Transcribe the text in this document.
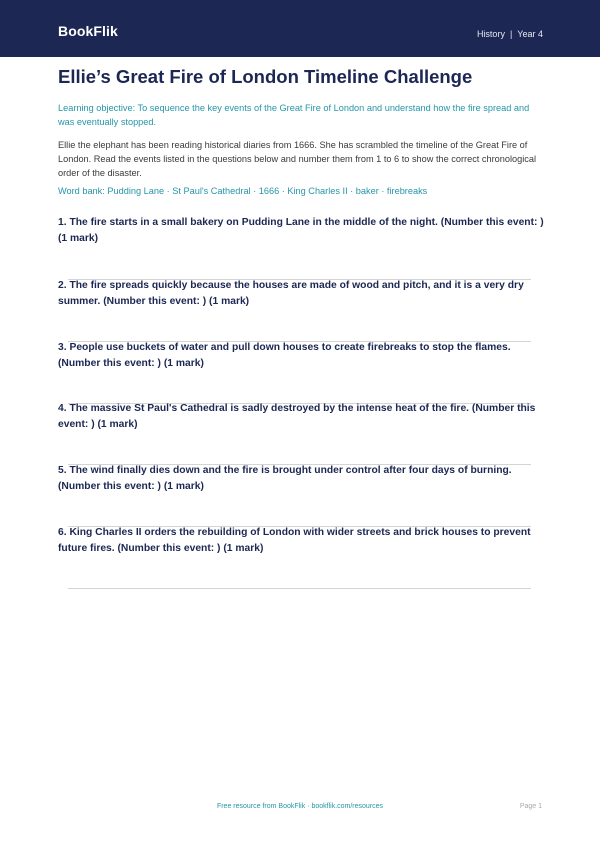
BookFlik	History | Year 4
Ellie’s Great Fire of London Timeline Challenge

Learning objective: To sequence the key events of the Great Fire of London and understand how the fire spread and was eventually stopped.

Ellie the elephant has been reading historical diaries from 1666. She has scrambled the timeline of the Great Fire of London. Read the events listed in the questions below and number them from 1 to 6 to show the correct chronological order of the disaster.

Word bank: Pudding Lane · St Paul's Cathedral · 1666 · King Charles II · baker · firebreaks

1. The fire starts in a small bakery on Pudding Lane in the middle of the night. (Number this event: ) (1 mark)

2. The fire spreads quickly because the houses are made of wood and pitch, and it is a very dry summer. (Number this event: ) (1 mark)

3. People use buckets of water and pull down houses to create firebreaks to stop the flames. (Number this event: ) (1 mark)

4. The massive St Paul's Cathedral is sadly destroyed by the intense heat of the fire. (Number this event: ) (1 mark)

5. The wind finally dies down and the fire is brought under control after four days of burning. (Number this event: ) (1 mark)

6. King Charles II orders the rebuilding of London with wider streets and brick houses to prevent future fires. (Number this event: ) (1 mark)

Free resource from BookFlik · bookflik.com/resources	Page 1
